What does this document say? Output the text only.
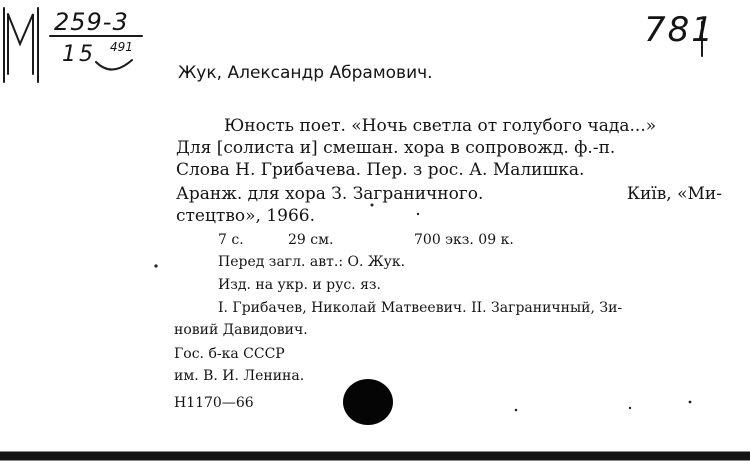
259-3
15 491	781
Жук, Александр Абрамович.
Юность поет. «Ночь светла от голубого чада...»
Для [солиста и] смешан. хора в сопровожд. ф.-п.
Слова Н. Грибачева. Пер. з рос. А. Малишка.
Аранж. для хора З. Заграничного.	Київ, «Ми-
стецтво», 1966.
7 с.	29 см.	700 экз. 09 к.
Перед загл. авт.: О. Жук.
Изд. на укр. и рус. яз.
I. Грибачев, Николай Матвеевич. II. Заграничный, Зи-
новий Давидович.
Гос. б-ка СССР
им. В. И. Ленина.
Н1170—66
